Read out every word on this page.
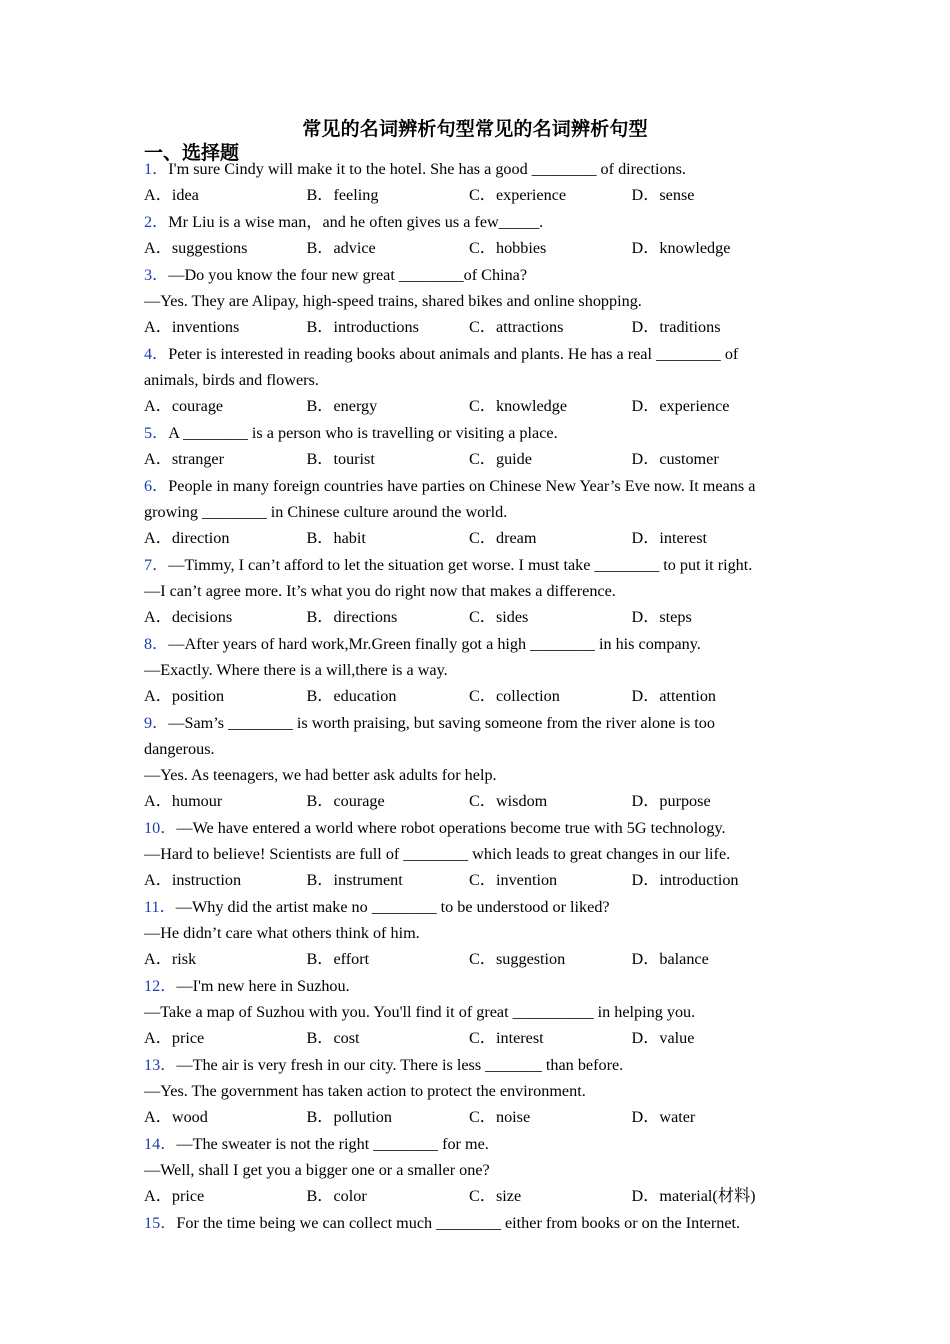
常见的名词辨析句型常见的名词辨析句型
一、选择题
1．I'm sure Cindy will make it to the hotel. She has a good ________ of directions.
A．idea	B．feeling	C．experience	D．sense
2．Mr Liu is a wise man，and he often gives us a few_____.
A．suggestions	B．advice	C．hobbies	D．knowledge
3．—Do you know the four new great ________of China?
—Yes. They are Alipay, high-speed trains, shared bikes and online shopping.
A．inventions	B．introductions	C．attractions	D．traditions
4．Peter is interested in reading books about animals and plants. He has a real ________ of
animals, birds and flowers.
A．courage	B．energy	C．knowledge	D．experience
5．A ________ is a person who is travelling or visiting a place.
A．stranger	B．tourist	C．guide	D．customer
6．People in many foreign countries have parties on Chinese New Year’s Eve now. It means a
growing ________ in Chinese culture around the world.
A．direction	B．habit	C．dream	D．interest
7．—Timmy, I can’t afford to let the situation get worse. I must take ________ to put it right.
—I can’t agree more. It’s what you do right now that makes a difference.
A．decisions	B．directions	C．sides	D．steps
8．—After years of hard work,Mr.Green finally got a high ________ in his company.
—Exactly. Where there is a will,there is a way.
A．position	B．education	C．collection	D．attention
9．—Sam’s ________ is worth praising, but saving someone from the river alone is too
dangerous.
—Yes. As teenagers, we had better ask adults for help.
A．humour	B．courage	C．wisdom	D．purpose
10．—We have entered a world where robot operations become true with 5G technology.
—Hard to believe! Scientists are full of ________ which leads to great changes in our life.
A．instruction	B．instrument	C．invention	D．introduction
11．—Why did the artist make no ________ to be understood or liked?
—He didn’t care what others think of him.
A．risk	B．effort	C．suggestion	D．balance
12．—I'm new here in Suzhou.
—Take a map of Suzhou with you. You'll find it of great __________ in helping you.
A．price	B．cost	C．interest	D．value
13．—The air is very fresh in our city. There is less _______ than before.
—Yes. The government has taken action to protect the environment.
A．wood	B．pollution	C．noise	D．water
14．—The sweater is not the right ________ for me.
—Well, shall I get you a bigger one or a smaller one?
A．price	B．color	C．size	D．material(材料)
15．For the time being we can collect much ________ either from books or on the Internet.
